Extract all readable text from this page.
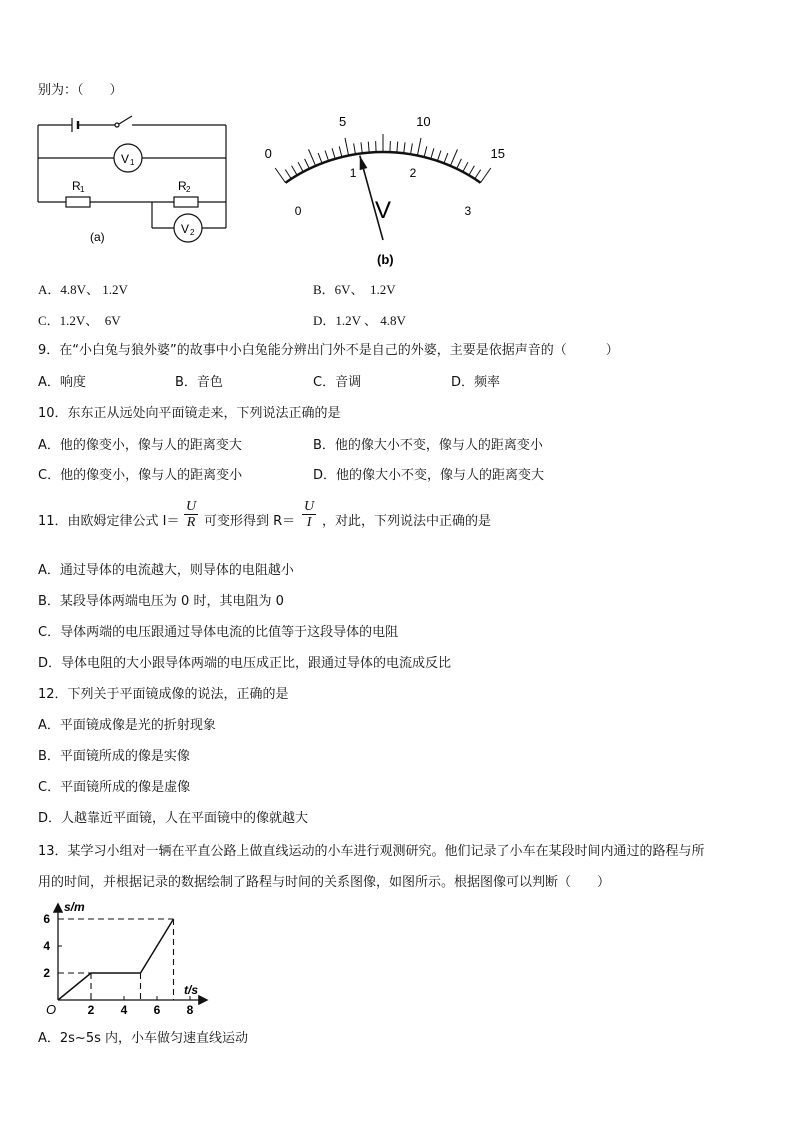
别为：（　　）
V 1
V 2
R 1	R 2
(a)
0
5	10
15
0
1	2
3
V
(b)
A．4.8V、 1.2V	B．6V、　1.2V
C．1.2V、　6V	D．1.2V 、 4.8V
9．在“小白兔与狼外婆”的故事中小白兔能分辨出门外不是自己的外婆，主要是依据声音的（　　　）
A．响度	B．音色	C．音调	D．频率
10．东东正从远处向平面镜走来，下列说法正确的是
A．他的像变小，像与人的距离变大	B．他的像大小不变，像与人的距离变小
C．他的像变小，像与人的距离变小	D．他的像大小不变，像与人的距离变大
11．由欧姆定律公式 $I= \frac{U}{R}$ 可变形得到 $R= \frac{U}{I}$ ，对此，下列说法中正确的是
A．通过导体的电流越大，则导体的电阻越小
B．某段导体两端电压为 0 时，其电阻为 0
C．导体两端的电压跟通过导体电流的比值等于这段导体的电阻
D．导体电阻的大小跟导体两端的电压成正比，跟通过导体的电流成反比
12．下列关于平面镜成像的说法，正确的是
A．平面镜成像是光的折射现象
B．平面镜所成的像是实像
C．平面镜所成的像是虚像
D．人越靠近平面镜，人在平面镜中的像就越大
13．某学习小组对一辆在平直公路上做直线运动的小车进行观测研究。他们记录了小车在某段时间内通过的路程与所
用的时间，并根据记录的数据绘制了路程与时间的关系图像，如图所示。根据图像可以判断（　　）
2 4 6 8
2
4
6
s/m
t/s
O
A．2s~5s 内，小车做匀速直线运动
